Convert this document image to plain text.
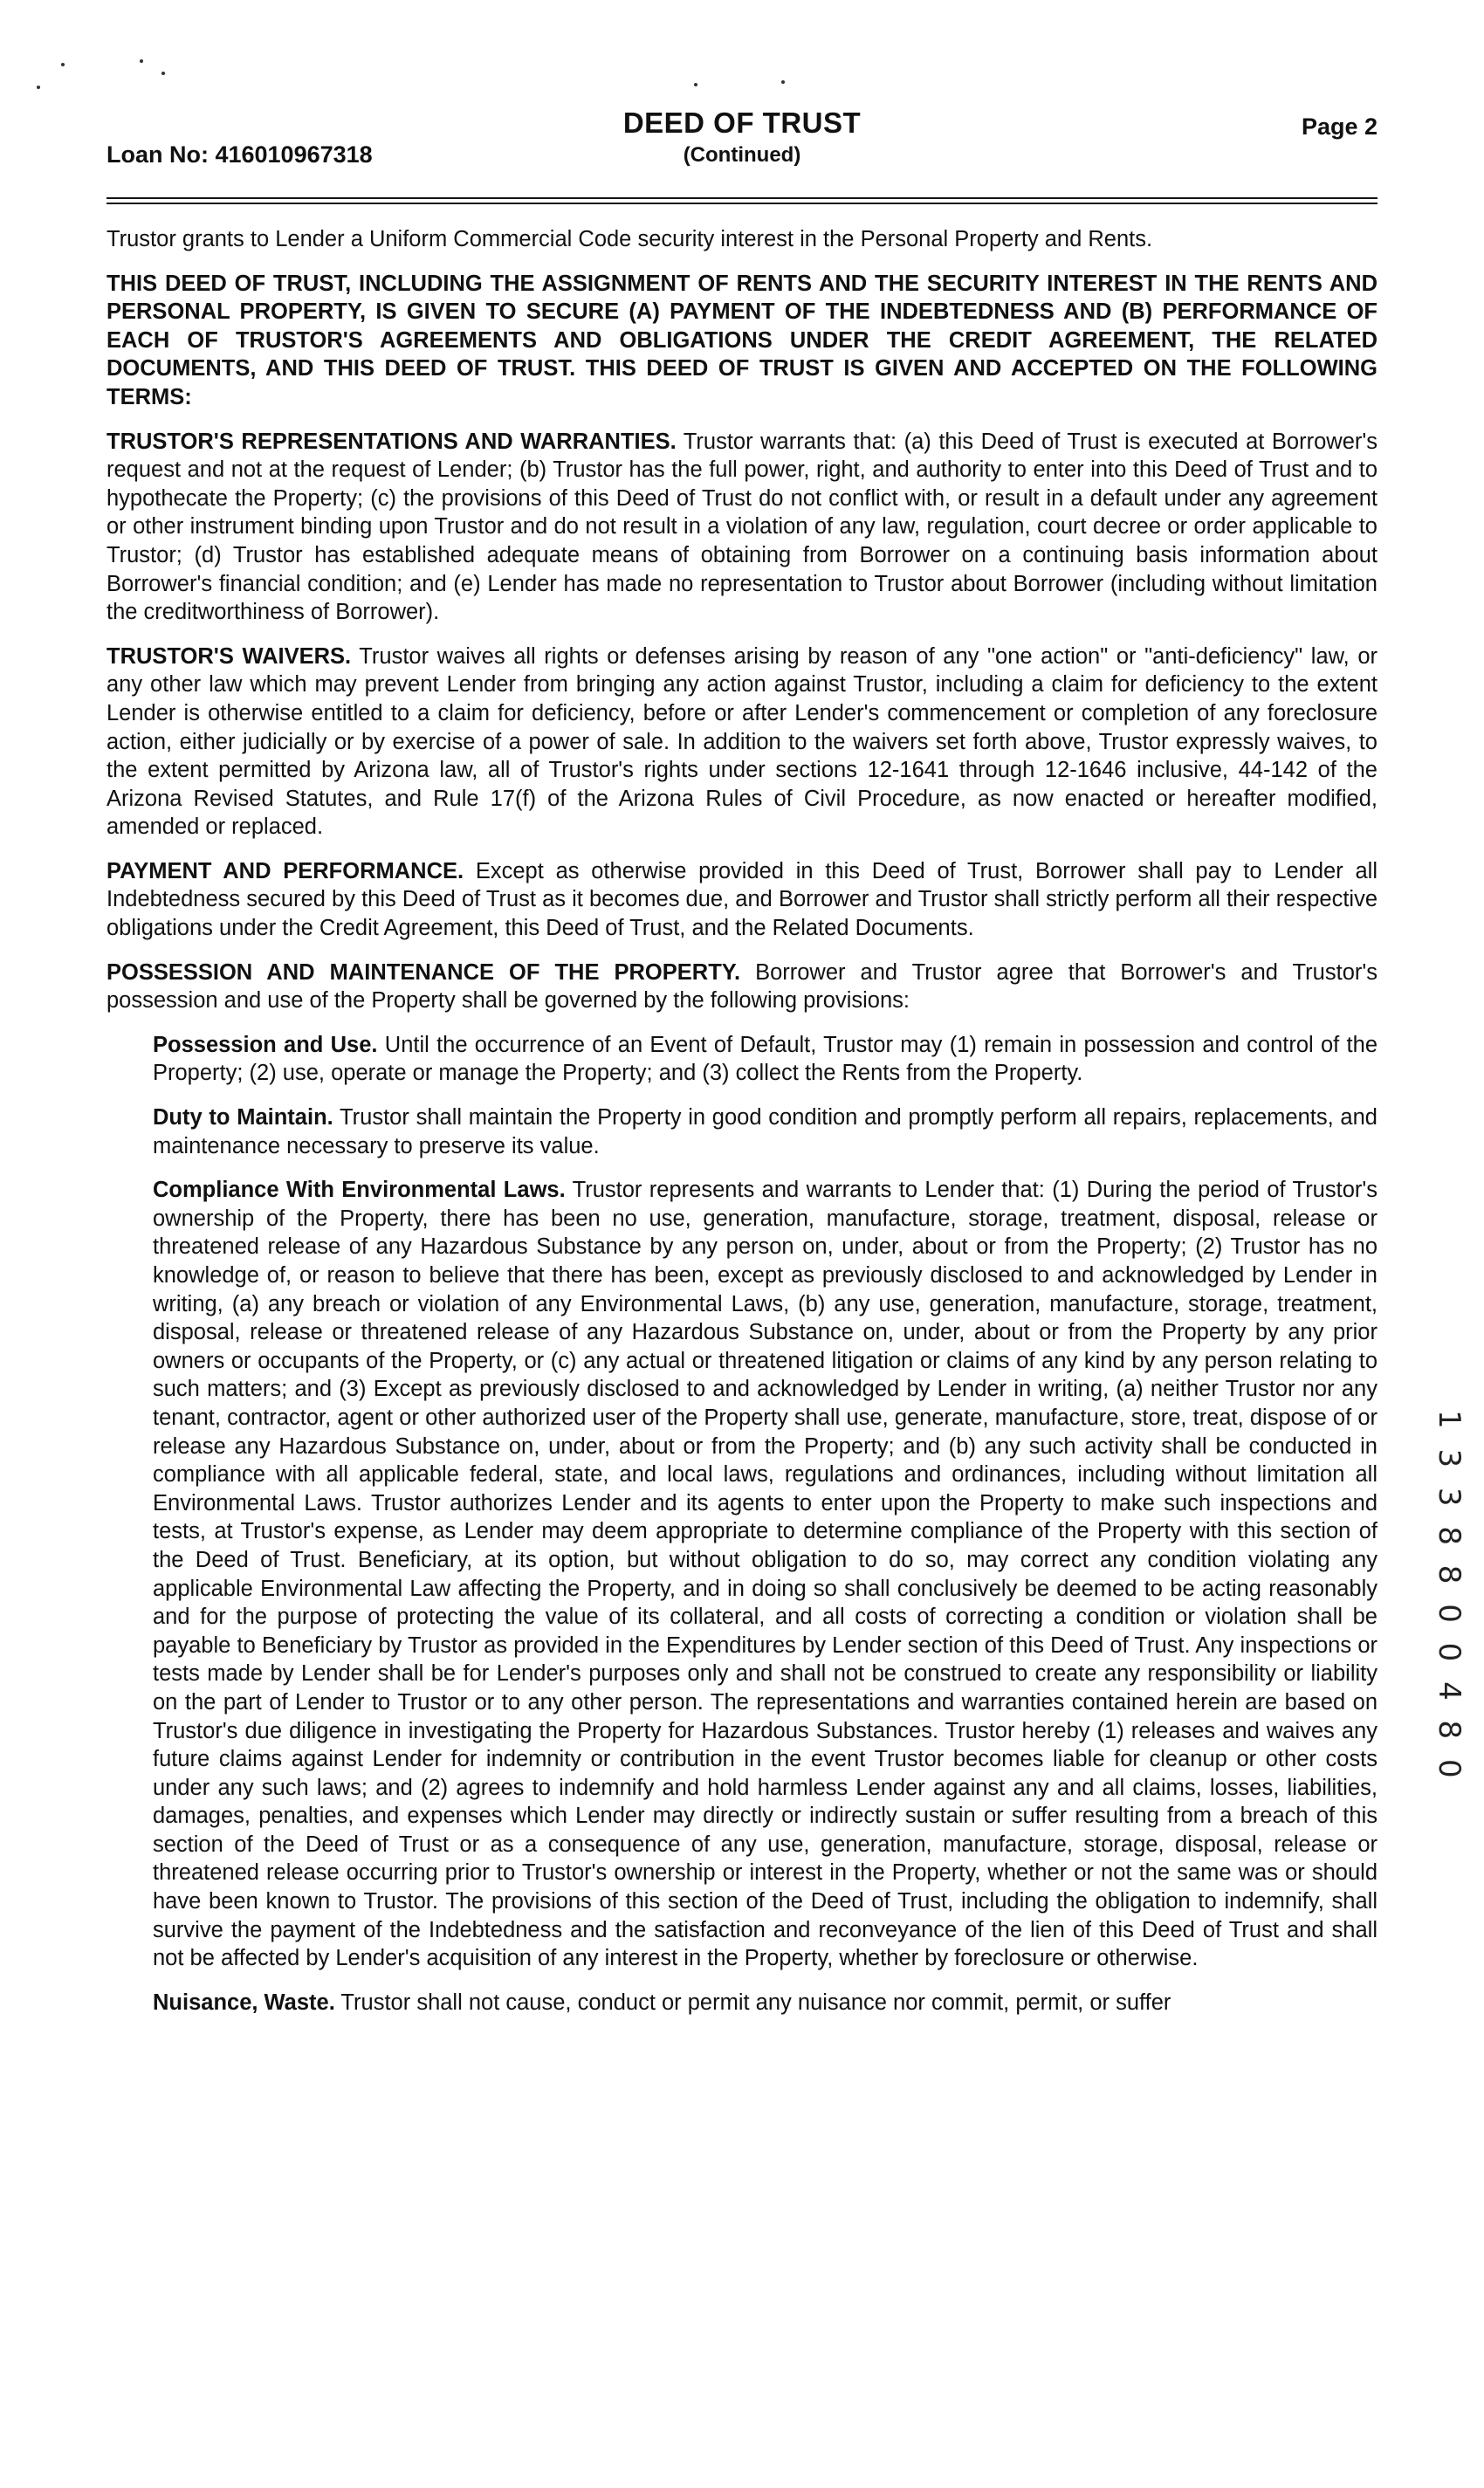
Loan No: 416010967318
DEED OF TRUST
(Continued)
Page 2

Trustor grants to Lender a Uniform Commercial Code security interest in the Personal Property and Rents.

THIS DEED OF TRUST, INCLUDING THE ASSIGNMENT OF RENTS AND THE SECURITY INTEREST IN THE RENTS AND PERSONAL PROPERTY, IS GIVEN TO SECURE (A) PAYMENT OF THE INDEBTEDNESS AND (B) PERFORMANCE OF EACH OF TRUSTOR'S AGREEMENTS AND OBLIGATIONS UNDER THE CREDIT AGREEMENT, THE RELATED DOCUMENTS, AND THIS DEED OF TRUST. THIS DEED OF TRUST IS GIVEN AND ACCEPTED ON THE FOLLOWING TERMS:

TRUSTOR'S REPRESENTATIONS AND WARRANTIES. Trustor warrants that: (a) this Deed of Trust is executed at Borrower's request and not at the request of Lender; (b) Trustor has the full power, right, and authority to enter into this Deed of Trust and to hypothecate the Property; (c) the provisions of this Deed of Trust do not conflict with, or result in a default under any agreement or other instrument binding upon Trustor and do not result in a violation of any law, regulation, court decree or order applicable to Trustor; (d) Trustor has established adequate means of obtaining from Borrower on a continuing basis information about Borrower's financial condition; and (e) Lender has made no representation to Trustor about Borrower (including without limitation the creditworthiness of Borrower).

TRUSTOR'S WAIVERS. Trustor waives all rights or defenses arising by reason of any "one action" or "anti-deficiency" law, or any other law which may prevent Lender from bringing any action against Trustor, including a claim for deficiency to the extent Lender is otherwise entitled to a claim for deficiency, before or after Lender's commencement or completion of any foreclosure action, either judicially or by exercise of a power of sale. In addition to the waivers set forth above, Trustor expressly waives, to the extent permitted by Arizona law, all of Trustor's rights under sections 12-1641 through 12-1646 inclusive, 44-142 of the Arizona Revised Statutes, and Rule 17(f) of the Arizona Rules of Civil Procedure, as now enacted or hereafter modified, amended or replaced.

PAYMENT AND PERFORMANCE. Except as otherwise provided in this Deed of Trust, Borrower shall pay to Lender all Indebtedness secured by this Deed of Trust as it becomes due, and Borrower and Trustor shall strictly perform all their respective obligations under the Credit Agreement, this Deed of Trust, and the Related Documents.

POSSESSION AND MAINTENANCE OF THE PROPERTY. Borrower and Trustor agree that Borrower's and Trustor's possession and use of the Property shall be governed by the following provisions:

Possession and Use. Until the occurrence of an Event of Default, Trustor may (1) remain in possession and control of the Property; (2) use, operate or manage the Property; and (3) collect the Rents from the Property.

Duty to Maintain. Trustor shall maintain the Property in good condition and promptly perform all repairs, replacements, and maintenance necessary to preserve its value.

Compliance With Environmental Laws. Trustor represents and warrants to Lender that: (1) During the period of Trustor's ownership of the Property, there has been no use, generation, manufacture, storage, treatment, disposal, release or threatened release of any Hazardous Substance by any person on, under, about or from the Property; (2) Trustor has no knowledge of, or reason to believe that there has been, except as previously disclosed to and acknowledged by Lender in writing, (a) any breach or violation of any Environmental Laws, (b) any use, generation, manufacture, storage, treatment, disposal, release or threatened release of any Hazardous Substance on, under, about or from the Property by any prior owners or occupants of the Property, or (c) any actual or threatened litigation or claims of any kind by any person relating to such matters; and (3) Except as previously disclosed to and acknowledged by Lender in writing, (a) neither Trustor nor any tenant, contractor, agent or other authorized user of the Property shall use, generate, manufacture, store, treat, dispose of or release any Hazardous Substance on, under, about or from the Property; and (b) any such activity shall be conducted in compliance with all applicable federal, state, and local laws, regulations and ordinances, including without limitation all Environmental Laws. Trustor authorizes Lender and its agents to enter upon the Property to make such inspections and tests, at Trustor's expense, as Lender may deem appropriate to determine compliance of the Property with this section of the Deed of Trust. Beneficiary, at its option, but without obligation to do so, may correct any condition violating any applicable Environmental Law affecting the Property, and in doing so shall conclusively be deemed to be acting reasonably and for the purpose of protecting the value of its collateral, and all costs of correcting a condition or violation shall be payable to Beneficiary by Trustor as provided in the Expenditures by Lender section of this Deed of Trust. Any inspections or tests made by Lender shall be for Lender's purposes only and shall not be construed to create any responsibility or liability on the part of Lender to Trustor or to any other person. The representations and warranties contained herein are based on Trustor's due diligence in investigating the Property for Hazardous Substances. Trustor hereby (1) releases and waives any future claims against Lender for indemnity or contribution in the event Trustor becomes liable for cleanup or other costs under any such laws; and (2) agrees to indemnify and hold harmless Lender against any and all claims, losses, liabilities, damages, penalties, and expenses which Lender may directly or indirectly sustain or suffer resulting from a breach of this section of the Deed of Trust or as a consequence of any use, generation, manufacture, storage, disposal, release or threatened release occurring prior to Trustor's ownership or interest in the Property, whether or not the same was or should have been known to Trustor. The provisions of this section of the Deed of Trust, including the obligation to indemnify, shall survive the payment of the Indebtedness and the satisfaction and reconveyance of the lien of this Deed of Trust and shall not be affected by Lender's acquisition of any interest in the Property, whether by foreclosure or otherwise.

Nuisance, Waste. Trustor shall not cause, conduct or permit any nuisance nor commit, permit, or suffer

1 3 3 8 8 0 0 4 8 0
